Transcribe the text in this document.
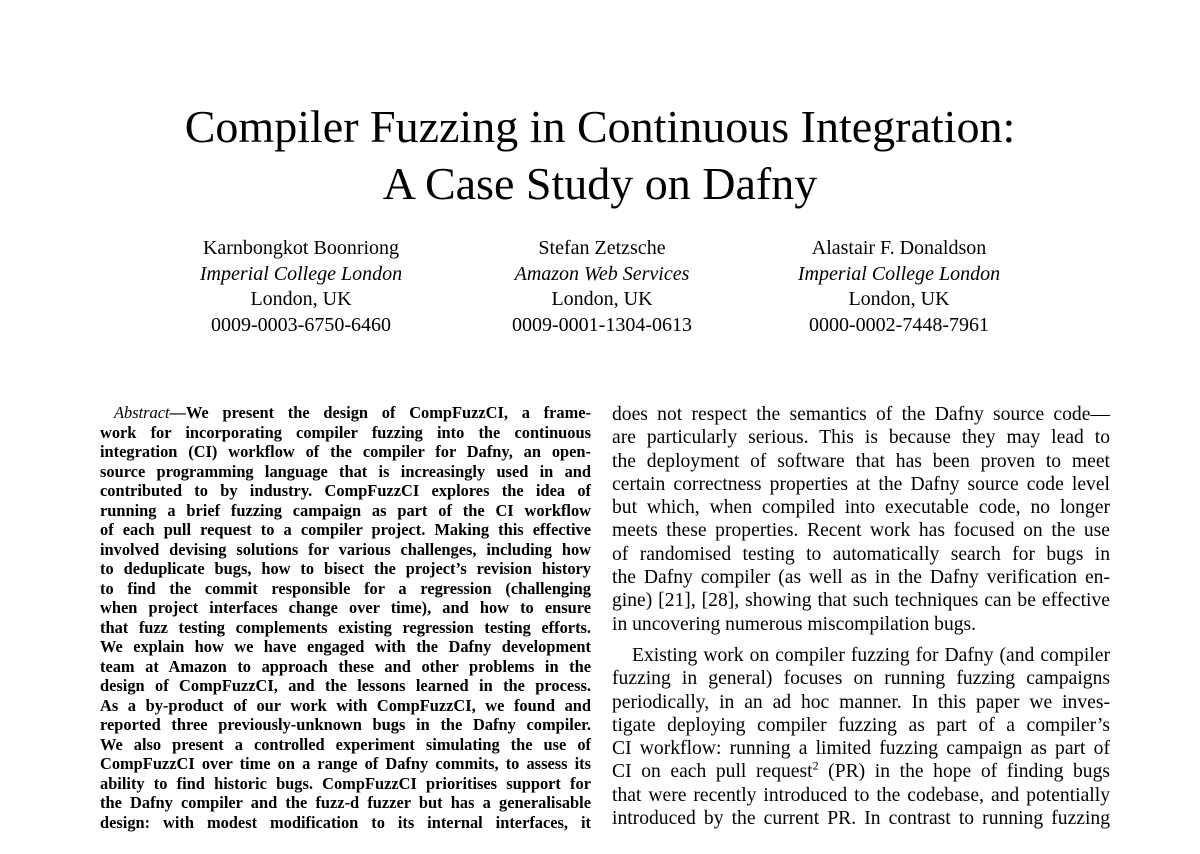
Compiler Fuzzing in Continuous Integration:
A Case Study on Dafny
Karnbongkot Boonriong
Imperial College London
London, UK
0009-0003-6750-6460
Stefan Zetzsche
Amazon Web Services
London, UK
0009-0001-1304-0613
Alastair F. Donaldson
Imperial College London
London, UK
0000-0002-7448-7961
Abstract—We present the design of CompFuzzCI, a frame-
work for incorporating compiler fuzzing into the continuous
integration (CI) workflow of the compiler for Dafny, an open-
source programming language that is increasingly used in and
contributed to by industry. CompFuzzCI explores the idea of
running a brief fuzzing campaign as part of the CI workflow
of each pull request to a compiler project. Making this effective
involved devising solutions for various challenges, including how
to deduplicate bugs, how to bisect the project’s revision history
to find the commit responsible for a regression (challenging
when project interfaces change over time), and how to ensure
that fuzz testing complements existing regression testing efforts.
We explain how we have engaged with the Dafny development
team at Amazon to approach these and other problems in the
design of CompFuzzCI, and the lessons learned in the process.
As a by-product of our work with CompFuzzCI, we found and
reported three previously-unknown bugs in the Dafny compiler.
We also present a controlled experiment simulating the use of
CompFuzzCI over time on a range of Dafny commits, to assess its
ability to find historic bugs. CompFuzzCI prioritises support for
the Dafny compiler and the fuzz-d fuzzer but has a generalisable
design: with modest modification to its internal interfaces, it
does not respect the semantics of the Dafny source code—
are particularly serious. This is because they may lead to
the deployment of software that has been proven to meet
certain correctness properties at the Dafny source code level
but which, when compiled into executable code, no longer
meets these properties. Recent work has focused on the use
of randomised testing to automatically search for bugs in
the Dafny compiler (as well as in the Dafny verification en-
gine) [21], [28], showing that such techniques can be effective
in uncovering numerous miscompilation bugs.
Existing work on compiler fuzzing for Dafny (and compiler
fuzzing in general) focuses on running fuzzing campaigns
periodically, in an ad hoc manner. In this paper we inves-
tigate deploying compiler fuzzing as part of a compiler’s
CI workflow: running a limited fuzzing campaign as part of
CI on each pull request$^2$ (PR) in the hope of finding bugs
that were recently introduced to the codebase, and potentially
introduced by the current PR. In contrast to running fuzzing
